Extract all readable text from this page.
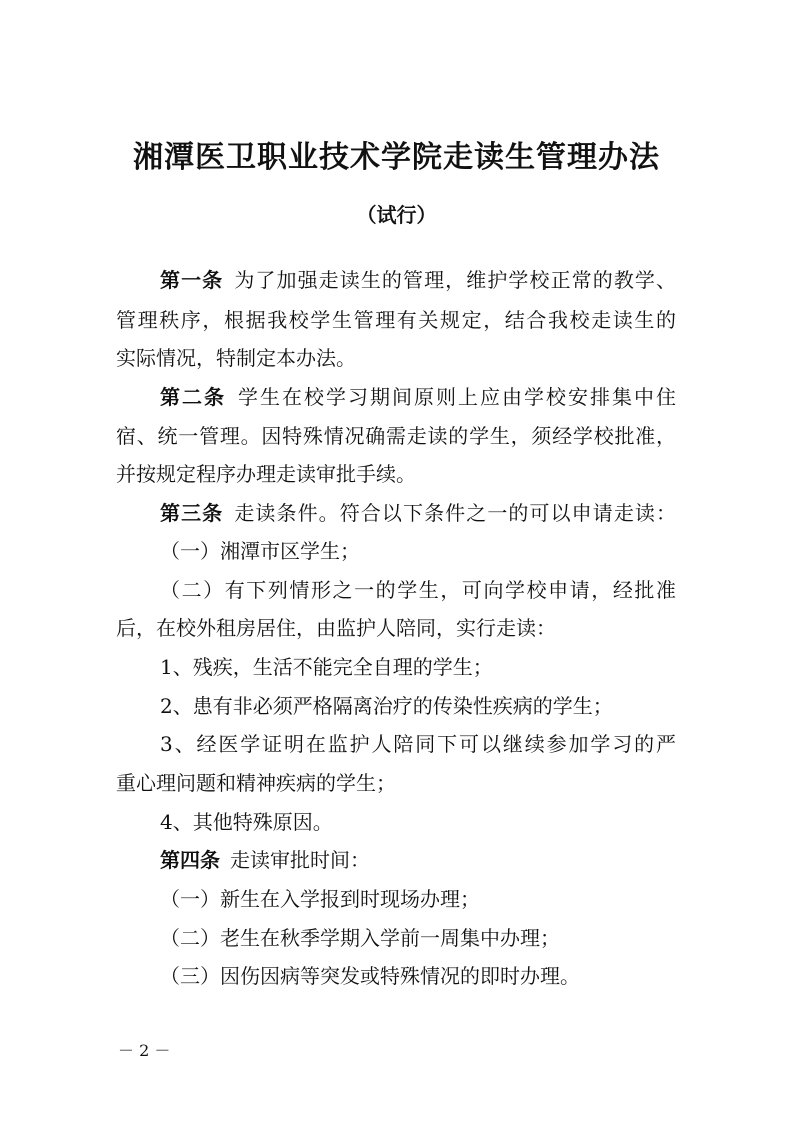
湘潭医卫职业技术学院走读生管理办法
（试行）
第一条 为了加强走读生的管理，维护学校正常的教学、
管理秩序，根据我校学生管理有关规定，结合我校走读生的
实际情况，特制定本办法。
第二条 学生在校学习期间原则上应由学校安排集中住
宿、统一管理。因特殊情况确需走读的学生，须经学校批准，
并按规定程序办理走读审批手续。
第三条 走读条件。符合以下条件之一的可以申请走读：
（一）湘潭市区学生；
（二）有下列情形之一的学生，可向学校申请，经批准
后，在校外租房居住，由监护人陪同，实行走读：
1、残疾，生活不能完全自理的学生；
2、患有非必须严格隔离治疗的传染性疾病的学生；
3、经医学证明在监护人陪同下可以继续参加学习的严
重心理问题和精神疾病的学生；
4、其他特殊原因。
第四条 走读审批时间：
（一）新生在入学报到时现场办理；
（二）老生在秋季学期入学前一周集中办理；
（三）因伤因病等突发或特殊情况的即时办理。
－ 2 －
